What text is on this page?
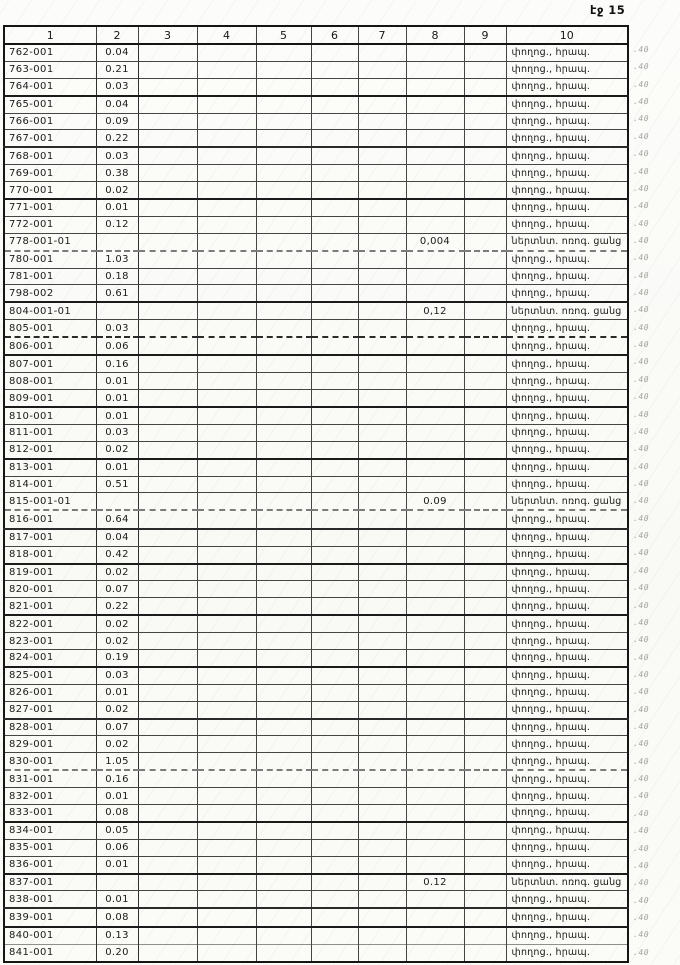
էջ 15
1	2	3	4	5	6	7	8	9	10
762-001	0.04								փողոց., հրապ.
763-001	0.21								փողոց., հրապ.
764-001	0.03								փողոց., հրապ.
765-001	0.04								փողոց., հրապ.
766-001	0.09								փողոց., հրապ.
767-001	0.22								փողոց., հրապ.
768-001	0.03								փողոց., հրապ.
769-001	0.38								փողոց., հրապ.
770-001	0.02								փողոց., հրապ.
771-001	0.01								փողոց., հրապ.
772-001	0.12								փողոց., հրապ.
778-001-01							0,004		ներտնտ. ոռոգ. ցանց
780-001	1.03								փողոց., հրապ.
781-001	0.18								փողոց., հրապ.
798-002	0.61								փողոց., հրապ.
804-001-01							0,12		ներտնտ. ոռոգ. ցանց
805-001	0.03								փողոց., հրապ.
806-001	0.06								փողոց., հրապ.
807-001	0.16								փողոց., հրապ.
808-001	0.01								փողոց., հրապ.
809-001	0.01								փողոց., հրապ.
810-001	0.01								փողոց., հրապ.
811-001	0.03								փողոց., հրապ.
812-001	0.02								փողոց., հրապ.
813-001	0.01								փողոց., հրապ.
814-001	0.51								փողոց., հրապ.
815-001-01							0.09		ներտնտ. ոռոգ. ցանց
816-001	0.64								փողոց., հրապ.
817-001	0.04								փողոց., հրապ.
818-001	0.42								փողոց., հրապ.
819-001	0.02								փողոց., հրապ.
820-001	0.07								փողոց., հրապ.
821-001	0.22								փողոց., հրապ.
822-001	0.02								փողոց., հրապ.
823-001	0.02								փողոց., հրապ.
824-001	0.19								փողոց., հրապ.
825-001	0.03								փողոց., հրապ.
826-001	0.01								փողոց., հրապ.
827-001	0.02								փողոց., հրապ.
828-001	0.07								փողոց., հրապ.
829-001	0.02								փողոց., հրապ.
830-001	1.05								փողոց., հրապ.
831-001	0.16								փողոց., հրապ.
832-001	0.01								փողոց., հրապ.
833-001	0.08								փողոց., հրապ.
834-001	0.05								փողոց., հրապ.
835-001	0.06								փողոց., հրապ.
836-001	0.01								փողոց., հրապ.
837-001							0.12		ներտնտ. ոռոգ. ցանց
838-001	0.01								փողոց., հրապ.
839-001	0.08								փողոց., հրապ.
840-001	0.13								փողոց., հրապ.
841-001	0.20								փողոց., հրապ.
.40
.40
.40
.40
.40
.40
.40
.40
.40
.40
.40
.40
.40
.40
.40
.40
.40
.40
.40
.40
.40
.40
.40
.40
.40
.40
.40
.40
.40
.40
.40
.40
.40
.40
.40
.40
.40
.40
.40
.40
.40
.40
.40
.40
.40
.40
.40
.40
.40
.40
.40
.40
.40
